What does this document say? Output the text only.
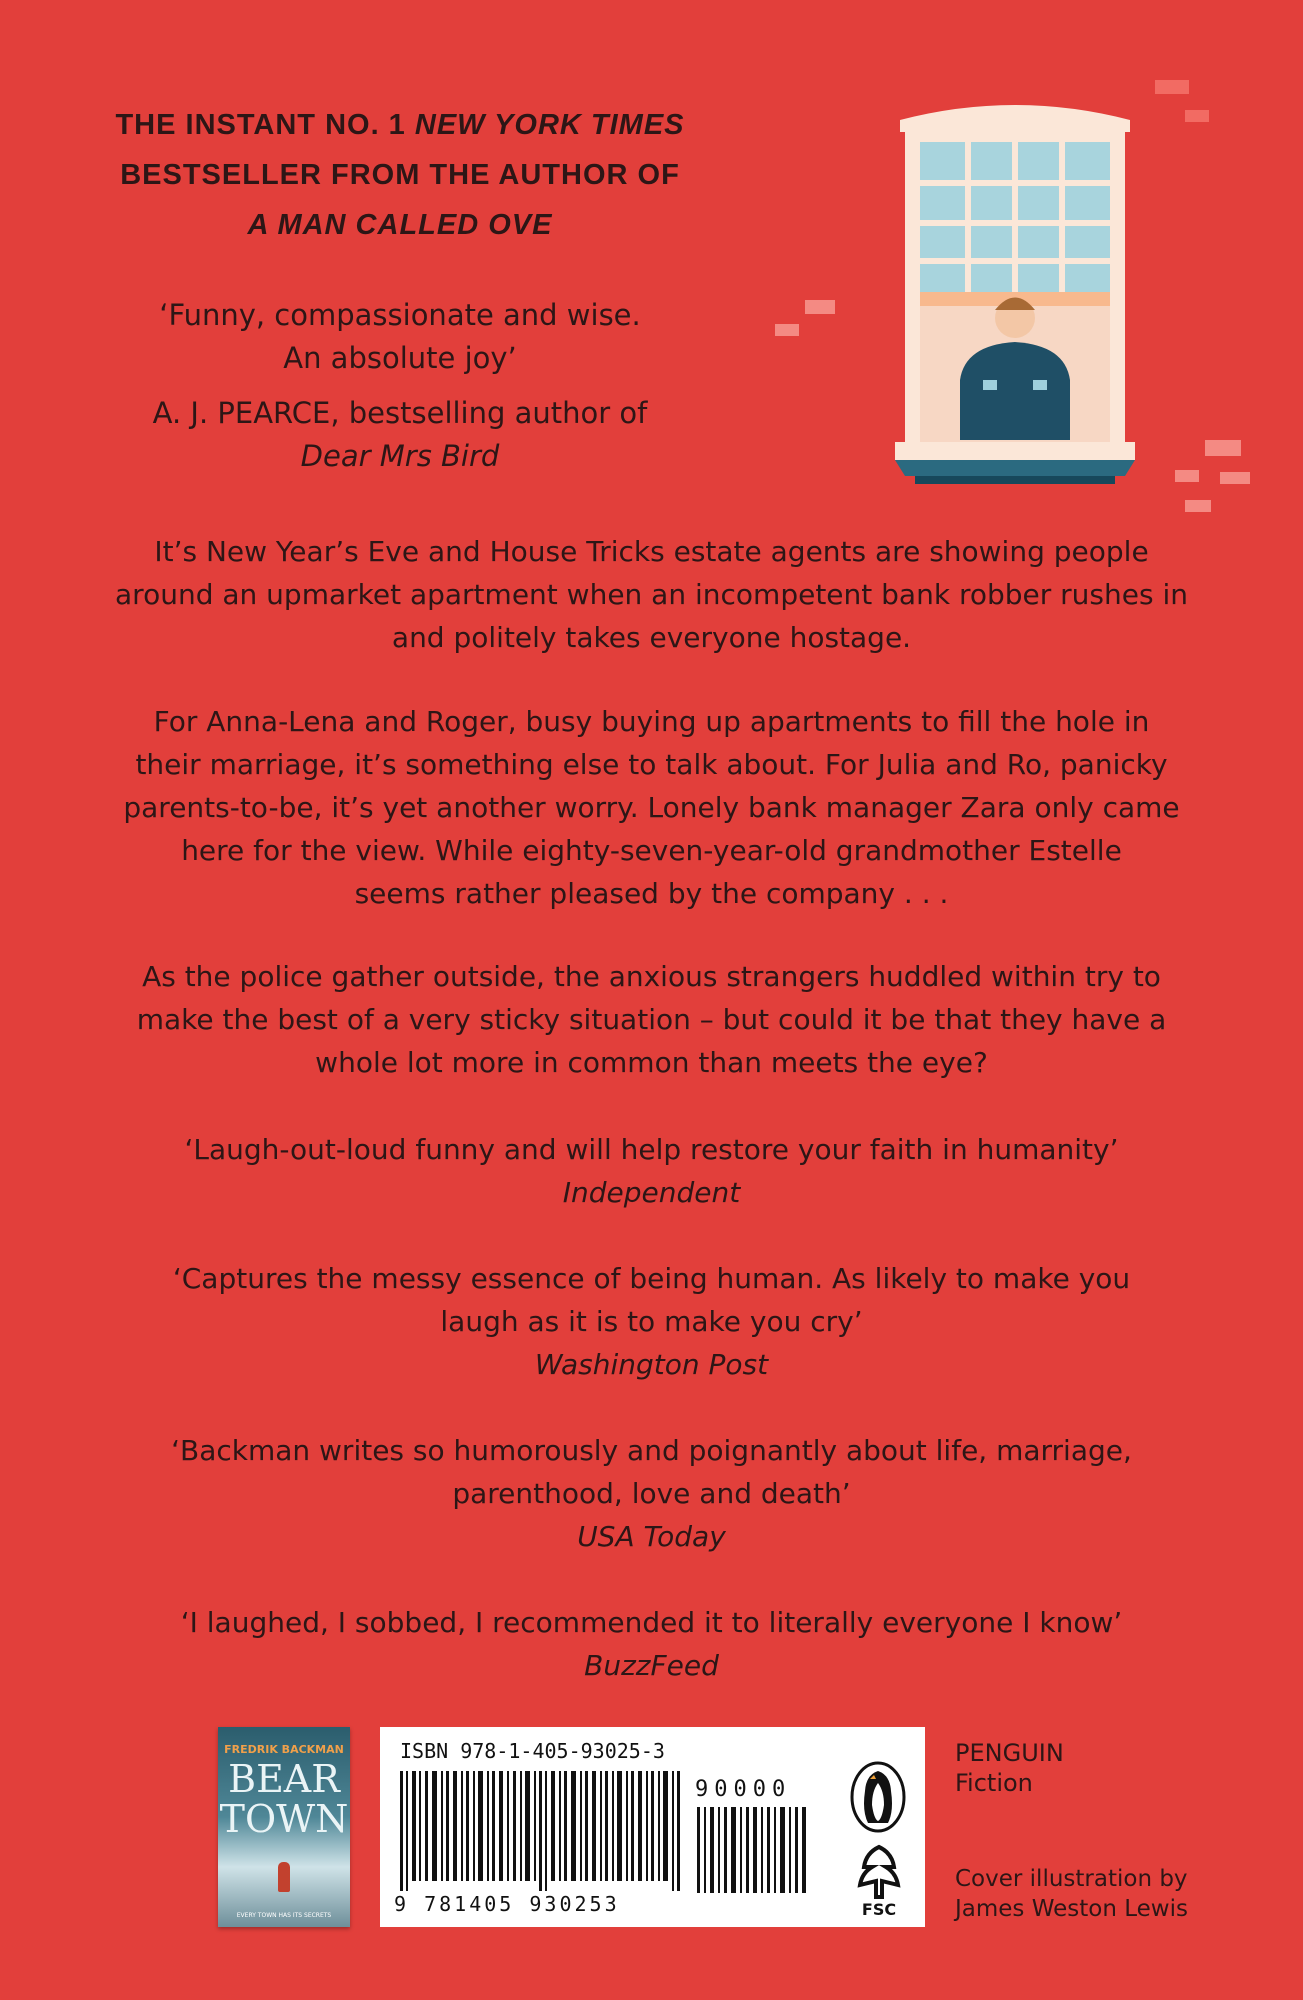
THE INSTANT NO. 1 NEW YORK TIMES
BESTSELLER FROM THE AUTHOR OF
A MAN CALLED OVE
‘Funny, compassionate and wise.
An absolute joy’
A. J. PEARCE, bestselling author of
Dear Mrs Bird
It’s New Year’s Eve and House Tricks estate agents are showing people
around an upmarket apartment when an incompetent bank robber rushes in
and politely takes everyone hostage.
For Anna-Lena and Roger, busy buying up apartments to fill the hole in
their marriage, it’s something else to talk about. For Julia and Ro, panicky
parents-to-be, it’s yet another worry. Lonely bank manager Zara only came
here for the view. While eighty-seven-year-old grandmother Estelle
seems rather pleased by the company . . .
As the police gather outside, the anxious strangers huddled within try to
make the best of a very sticky situation – but could it be that they have a
whole lot more in common than meets the eye?
‘Laugh-out-loud funny and will help restore your faith in humanity’
Independent
‘Captures the messy essence of being human. As likely to make you
laugh as it is to make you cry’
Washington Post
‘Backman writes so humorously and poignantly about life, marriage,
parenthood, love and death’
USA Today
‘I laughed, I sobbed, I recommended it to literally everyone I know’
BuzzFeed
FREDRIK BACKMAN
BEAR
TOWN
EVERY TOWN HAS ITS SECRETS
ISBN 978-1-405-93025-3
90000
9 781405 930253	FSC
PENGUIN
Fiction
Cover illustration by
James Weston Lewis
